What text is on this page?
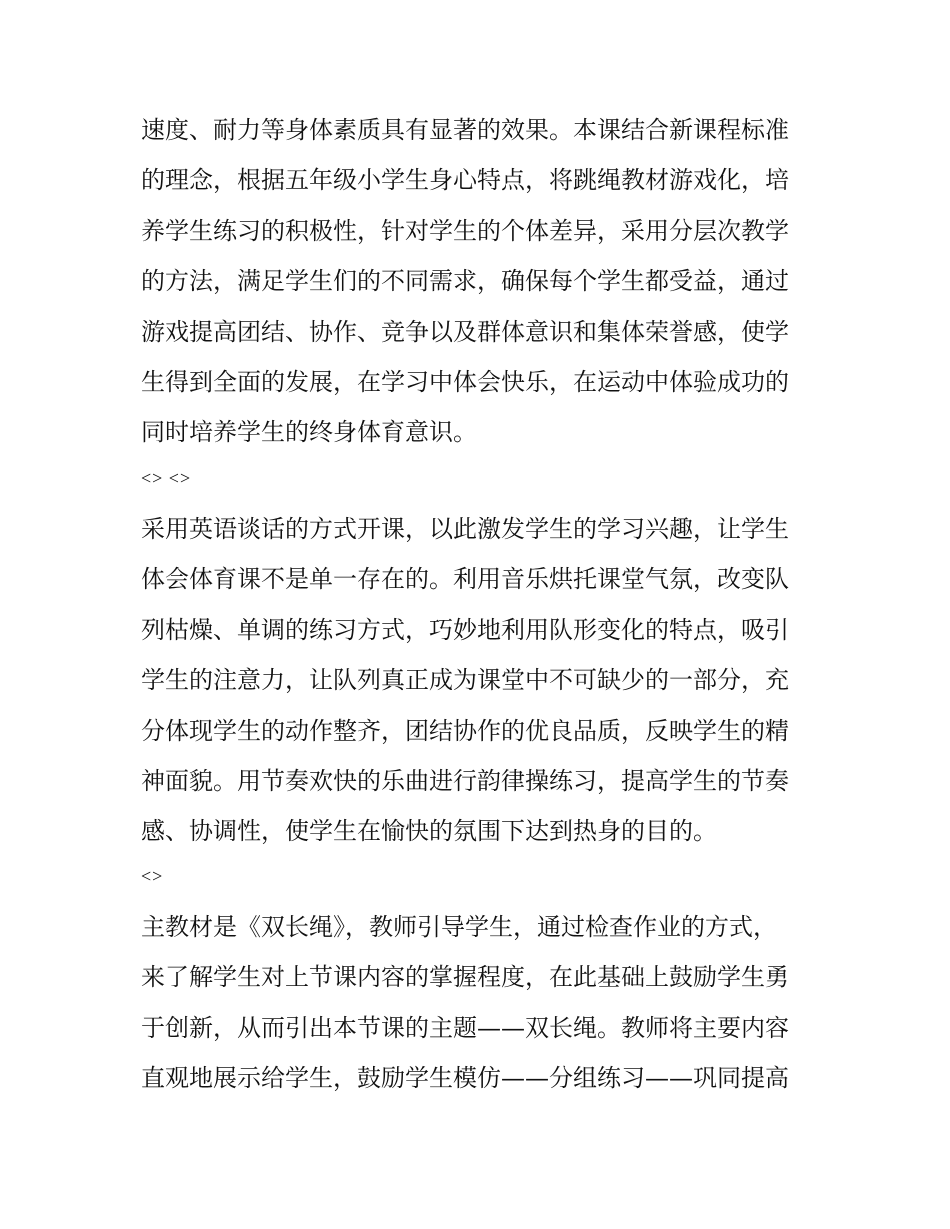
速度、耐力等身体素质具有显著的效果。本课结合新课程标准
的理念，根据五年级小学生身心特点，将跳绳教材游戏化，培
养学生练习的积极性，针对学生的个体差异，采用分层次教学
的方法，满足学生们的不同需求，确保每个学生都受益，通过
游戏提高团结、协作、竞争以及群体意识和集体荣誉感，使学
生得到全面的发展，在学习中体会快乐，在运动中体验成功的
同时培养学生的终身体育意识。
<> <>
采用英语谈话的方式开课，以此激发学生的学习兴趣，让学生
体会体育课不是单一存在的。利用音乐烘托课堂气氛，改变队
列枯燥、单调的练习方式，巧妙地利用队形变化的特点，吸引
学生的注意力，让队列真正成为课堂中不可缺少的一部分，充
分体现学生的动作整齐，团结协作的优良品质，反映学生的精
神面貌。用节奏欢快的乐曲进行韵律操练习，提高学生的节奏
感、协调性，使学生在愉快的氛围下达到热身的目的。
<>
主教材是《双长绳》，教师引导学生，通过检查作业的方式，
来了解学生对上节课内容的掌握程度，在此基础上鼓励学生勇
于创新，从而引出本节课的主题——双长绳。教师将主要内容
直观地展示给学生，鼓励学生模仿——分组练习——巩同提高
